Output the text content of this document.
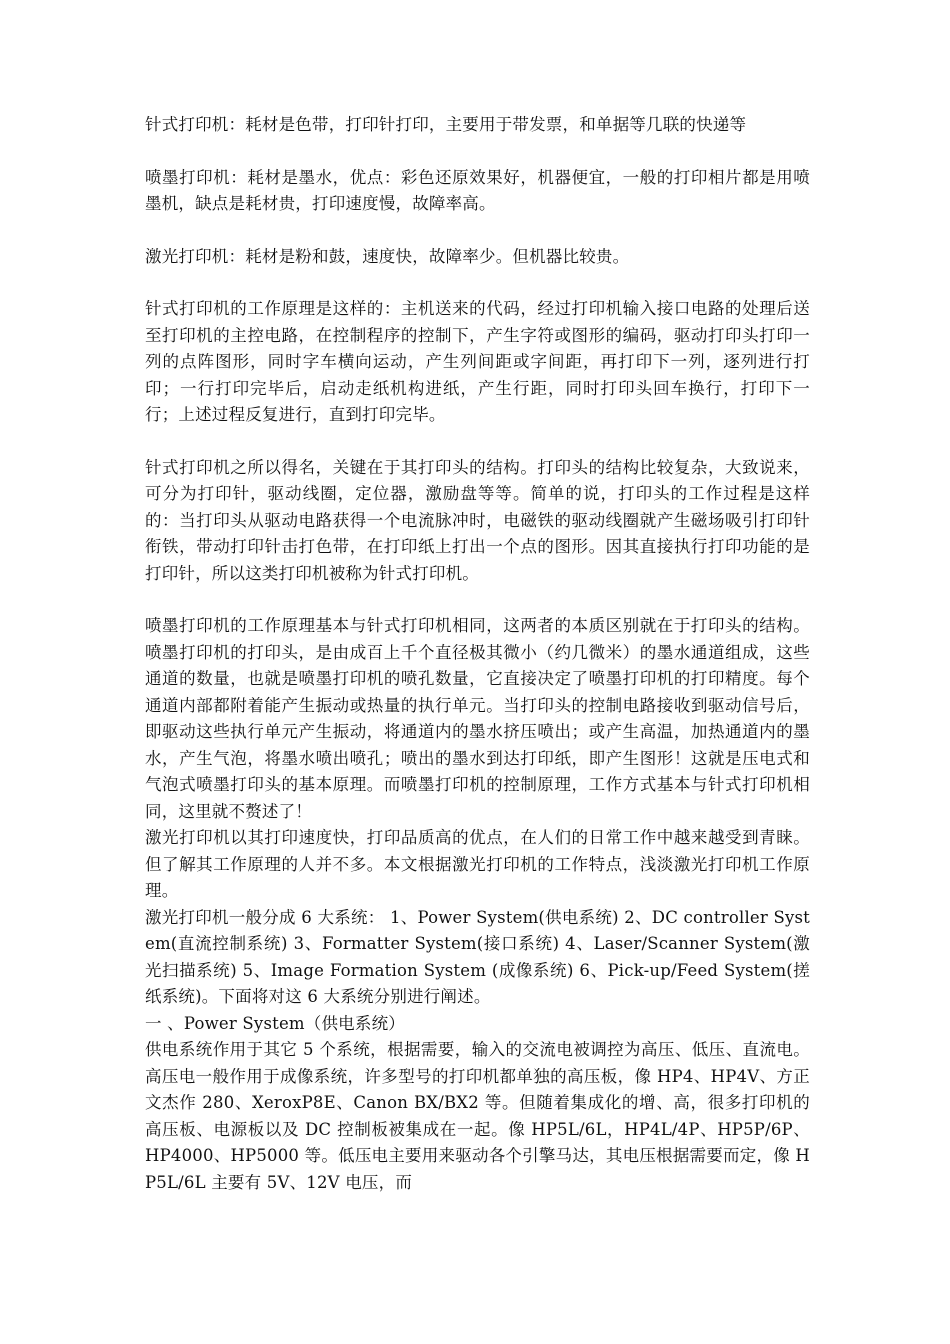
针式打印机：耗材是色带，打印针打印，主要用于带发票，和单据等几联的快递等

喷墨打印机：耗材是墨水，优点：彩色还原效果好，机器便宜，一般的打印相片都是用喷墨机，缺点是耗材贵，打印速度慢，故障率高。

激光打印机：耗材是粉和鼓，速度快，故障率少。但机器比较贵。

针式打印机的工作原理是这样的：主机送来的代码，经过打印机输入接口电路的处理后送至打印机的主控电路，在控制程序的控制下，产生字符或图形的编码，驱动打印头打印一列的点阵图形，同时字车横向运动，产生列间距或字间距，再打印下一列，逐列进行打印；一行打印完毕后，启动走纸机构进纸，产生行距，同时打印头回车换行，打印下一行；上述过程反复进行，直到打印完毕。

针式打印机之所以得名，关键在于其打印头的结构。打印头的结构比较复杂，大致说来，可分为打印针，驱动线圈，定位器，激励盘等等。简单的说，打印头的工作过程是这样的：当打印头从驱动电路获得一个电流脉冲时，电磁铁的驱动线圈就产生磁场吸引打印针衔铁，带动打印针击打色带，在打印纸上打出一个点的图形。因其直接执行打印功能的是打印针，所以这类打印机被称为针式打印机。

喷墨打印机的工作原理基本与针式打印机相同，这两者的本质区别就在于打印头的结构。喷墨打印机的打印头，是由成百上千个直径极其微小（约几微米）的墨水通道组成，这些通道的数量，也就是喷墨打印机的喷孔数量，它直接决定了喷墨打印机的打印精度。每个通道内部都附着能产生振动或热量的执行单元。当打印头的控制电路接收到驱动信号后，即驱动这些执行单元产生振动，将通道内的墨水挤压喷出；或产生高温，加热通道内的墨水，产生气泡，将墨水喷出喷孔；喷出的墨水到达打印纸，即产生图形！这就是压电式和气泡式喷墨打印头的基本原理。而喷墨打印机的控制原理，工作方式基本与针式打印机相同，这里就不赘述了！

激光打印机以其打印速度快，打印品质高的优点，在人们的日常工作中越来越受到青睐。但了解其工作原理的人并不多。本文根据激光打印机的工作特点，浅淡激光打印机工作原理。

激光打印机一般分成 6 大系统： 1、Power System(供电系统) 2、DC controller System(直流控制系统) 3、Formatter System(接口系统) 4、Laser/Scanner System(激光扫描系统) 5、Image Formation System (成像系统) 6、Pick-up/Feed System(搓纸系统)。下面将对这 6 大系统分别进行阐述。

一 、Power System（供电系统）

供电系统作用于其它 5 个系统，根据需要，输入的交流电被调控为高压、低压、直流电。高压电一般作用于成像系统，许多型号的打印机都单独的高压板，像 HP4、HP4V、方正文杰作 280、XeroxP8E、Canon BX/BX2 等。但随着集成化的增、高，很多打印机的高压板、电源板以及 DC 控制板被集成在一起。像 HP5L/6L，HP4L/4P、HP5P/6P、HP4000、HP5000 等。低压电主要用来驱动各个引擎马达，其电压根据需要而定，像 HP5L/6L 主要有 5V、12V 电压，而
